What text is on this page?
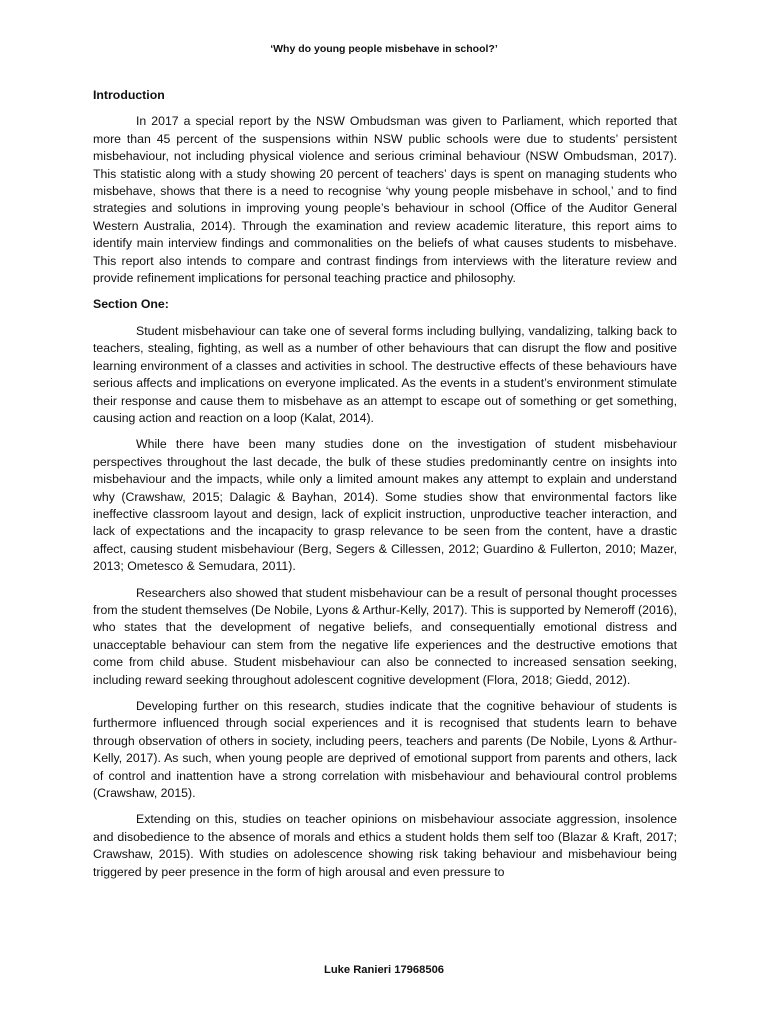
‘Why do young people misbehave in school?’
Introduction

In 2017 a special report by the NSW Ombudsman was given to Parliament, which reported that more than 45 percent of the suspensions within NSW public schools were due to students’ persistent misbehaviour, not including physical violence and serious criminal behaviour (NSW Ombudsman, 2017). This statistic along with a study showing 20 percent of teachers’ days is spent on managing students who misbehave, shows that there is a need to recognise ‘why young people misbehave in school,’ and to find strategies and solutions in improving young people’s behaviour in school (Office of the Auditor General Western Australia, 2014). Through the examination and review academic literature, this report aims to identify main interview findings and commonalities on the beliefs of what causes students to misbehave. This report also intends to compare and contrast findings from interviews with the literature review and provide refinement implications for personal teaching practice and philosophy.

Section One:

Student misbehaviour can take one of several forms including bullying, vandalizing, talking back to teachers, stealing, fighting, as well as a number of other behaviours that can disrupt the flow and positive learning environment of a classes and activities in school. The destructive effects of these behaviours have serious affects and implications on everyone implicated. As the events in a student’s environment stimulate their response and cause them to misbehave as an attempt to escape out of something or get something, causing action and reaction on a loop (Kalat, 2014).

While there have been many studies done on the investigation of student misbehaviour perspectives throughout the last decade, the bulk of these studies predominantly centre on insights into misbehaviour and the impacts, while only a limited amount makes any attempt to explain and understand why (Crawshaw, 2015; Dalagic & Bayhan, 2014). Some studies show that environmental factors like ineffective classroom layout and design, lack of explicit instruction, unproductive teacher interaction, and lack of expectations and the incapacity to grasp relevance to be seen from the content, have a drastic affect, causing student misbehaviour (Berg, Segers & Cillessen, 2012; Guardino & Fullerton, 2010; Mazer, 2013; Ometesco & Semudara, 2011).

Researchers also showed that student misbehaviour can be a result of personal thought processes from the student themselves (De Nobile, Lyons & Arthur-Kelly, 2017). This is supported by Nemeroff (2016), who states that the development of negative beliefs, and consequentially emotional distress and unacceptable behaviour can stem from the negative life experiences and the destructive emotions that come from child abuse. Student misbehaviour can also be connected to increased sensation seeking, including reward seeking throughout adolescent cognitive development (Flora, 2018; Giedd, 2012).

Developing further on this research, studies indicate that the cognitive behaviour of students is furthermore influenced through social experiences and it is recognised that students learn to behave through observation of others in society, including peers, teachers and parents (De Nobile, Lyons & Arthur-Kelly, 2017). As such, when young people are deprived of emotional support from parents and others, lack of control and inattention have a strong correlation with misbehaviour and behavioural control problems (Crawshaw, 2015).

Extending on this, studies on teacher opinions on misbehaviour associate aggression, insolence and disobedience to the absence of morals and ethics a student holds them self too (Blazar & Kraft, 2017; Crawshaw, 2015). With studies on adolescence showing risk taking behaviour and misbehaviour being triggered by peer presence in the form of high arousal and even pressure to

Luke Ranieri 17968506
